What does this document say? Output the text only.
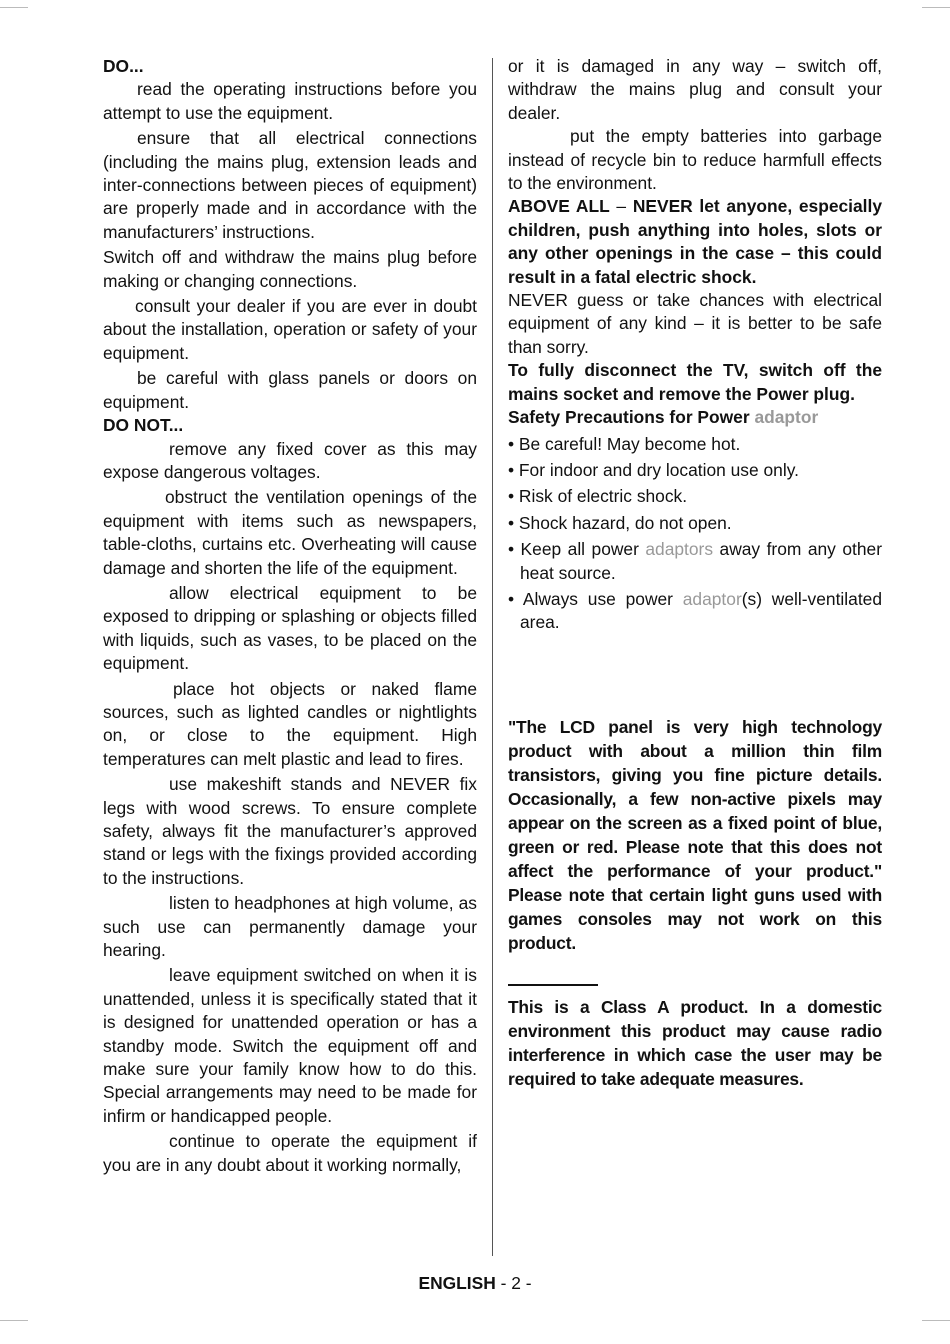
DO...

read the operating instructions before you attempt to use the equipment.

ensure that all electrical connections (including the mains plug, extension leads and inter-connections between pieces of equipment) are properly made and in accordance with the manufacturers’ instructions.

Switch off and withdraw the mains plug before making or changing connections.

consult your dealer if you are ever in doubt about the installation, operation or safety of your equipment.

be careful with glass panels or doors on equipment.

DO NOT...

remove any fixed cover as this may expose dangerous voltages.

obstruct the ventilation openings of the equipment with items such as newspapers, table-cloths, curtains etc. Overheating will cause damage and shorten the life of the equipment.

allow electrical equipment to be exposed to dripping or splashing or objects filled with liquids, such as vases, to be placed on the equipment.

place hot objects or naked flame sources, such as lighted candles or nightlights on, or close to the equipment. High temperatures can melt plastic and lead to fires.

use makeshift stands and NEVER fix legs with wood screws. To ensure complete safety, always fit the manufacturer’s approved stand or legs with the fixings provided according to the instructions.

listen to headphones at high volume, as such use can permanently damage your hearing.

leave equipment switched on when it is unattended, unless it is specifically stated that it is designed for unattended operation or has a standby mode. Switch the equipment off and make sure your family know how to do this. Special arrangements may need to be made for infirm or handicapped people.

continue to operate the equipment if you are in any doubt about it working normally,

or it is damaged in any way – switch off, withdraw the mains plug and consult your dealer.

put the empty batteries into garbage instead of recycle bin to reduce harmfull effects to the environment.

ABOVE ALL – NEVER let anyone, especially children, push anything into holes, slots or any other openings in the case – this could result in a fatal electric shock.

NEVER guess or take chances with electrical equipment of any kind – it is better to be safe than sorry.

To fully disconnect the TV, switch off the mains socket and remove the Power plug.

Safety Precautions for Power adaptor

• Be careful! May become hot.

• For indoor and dry location use only.

• Risk of electric shock.

• Shock hazard, do not open.

• Keep all power adaptors away from any other heat source.

• Always use power adaptor(s) well-ventilated area.

"The LCD panel is very high technology product with about a million thin film transistors, giving you fine picture details. Occasionally, a few non-active pixels may appear on the screen as a fixed point of blue, green or red. Please note that this does not affect the performance of your product." Please note that certain light guns used with games consoles may not work on this product.
This is a Class A product. In a domestic environment this product may cause radio interference in which case the user may be required to take adequate measures.
ENGLISH - 2 -
